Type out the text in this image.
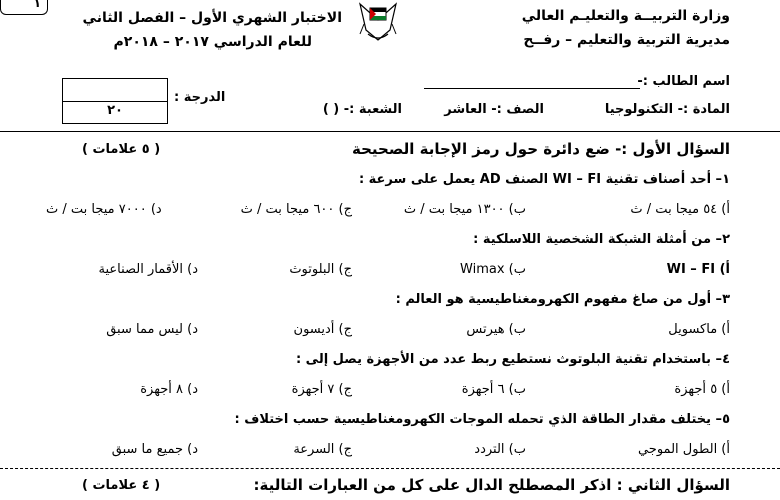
١
وزارة التربيــة والتعليـم العالي
مديرية التربية والتعليم – رفــح
الاختبار الشهري الأول – الفصل الثاني
للعام الدراسي ٢٠١٧ – ٢٠١٨م
اسم الطالب :-
المادة :- التكنولوجيا
الصف :- العاشر
الشعبة :- ( )
الدرجة :
٢٠
السؤال الأول :- ضع دائرة حول رمز الإجابة الصحيحة
( ٥ علامات )
١– أحد أصناف تقنية WI – FI الصنف AD يعمل على سرعة :
أ) ٥٤ ميجا بت / ث
ب) ١٣٠٠ ميجا بت / ث
ج) ٦٠٠ ميجا بت / ث
د) ٧٠٠٠ ميجا بت / ث
٢– من أمثلة الشبكة الشخصية اللاسلكية :
أ) WI – FI
ب) Wimax
ج) البلوتوث
د) الأقمار الصناعية
٣– أول من صاغ مفهوم الكهرومغناطيسية هو العالم :
أ) ماكسويل
ب) هيرتس
ج) أديسون
د) ليس مما سبق
٤– باستخدام تقنية البلوتوث نستطيع ربط عدد من الأجهزة يصل إلى :
أ) ٥ أجهزة
ب) ٦ أجهزة
ج) ٧ أجهزة
د) ٨ أجهزة
٥– يختلف مقدار الطاقة الذي تحمله الموجات الكهرومغناطيسية حسب اختلاف :
أ) الطول الموجي
ب) التردد
ج) السرعة
د) جميع ما سبق
السؤال الثاني : اذكر المصطلح الدال على كل من العبارات التالية:
( ٤ علامات )
